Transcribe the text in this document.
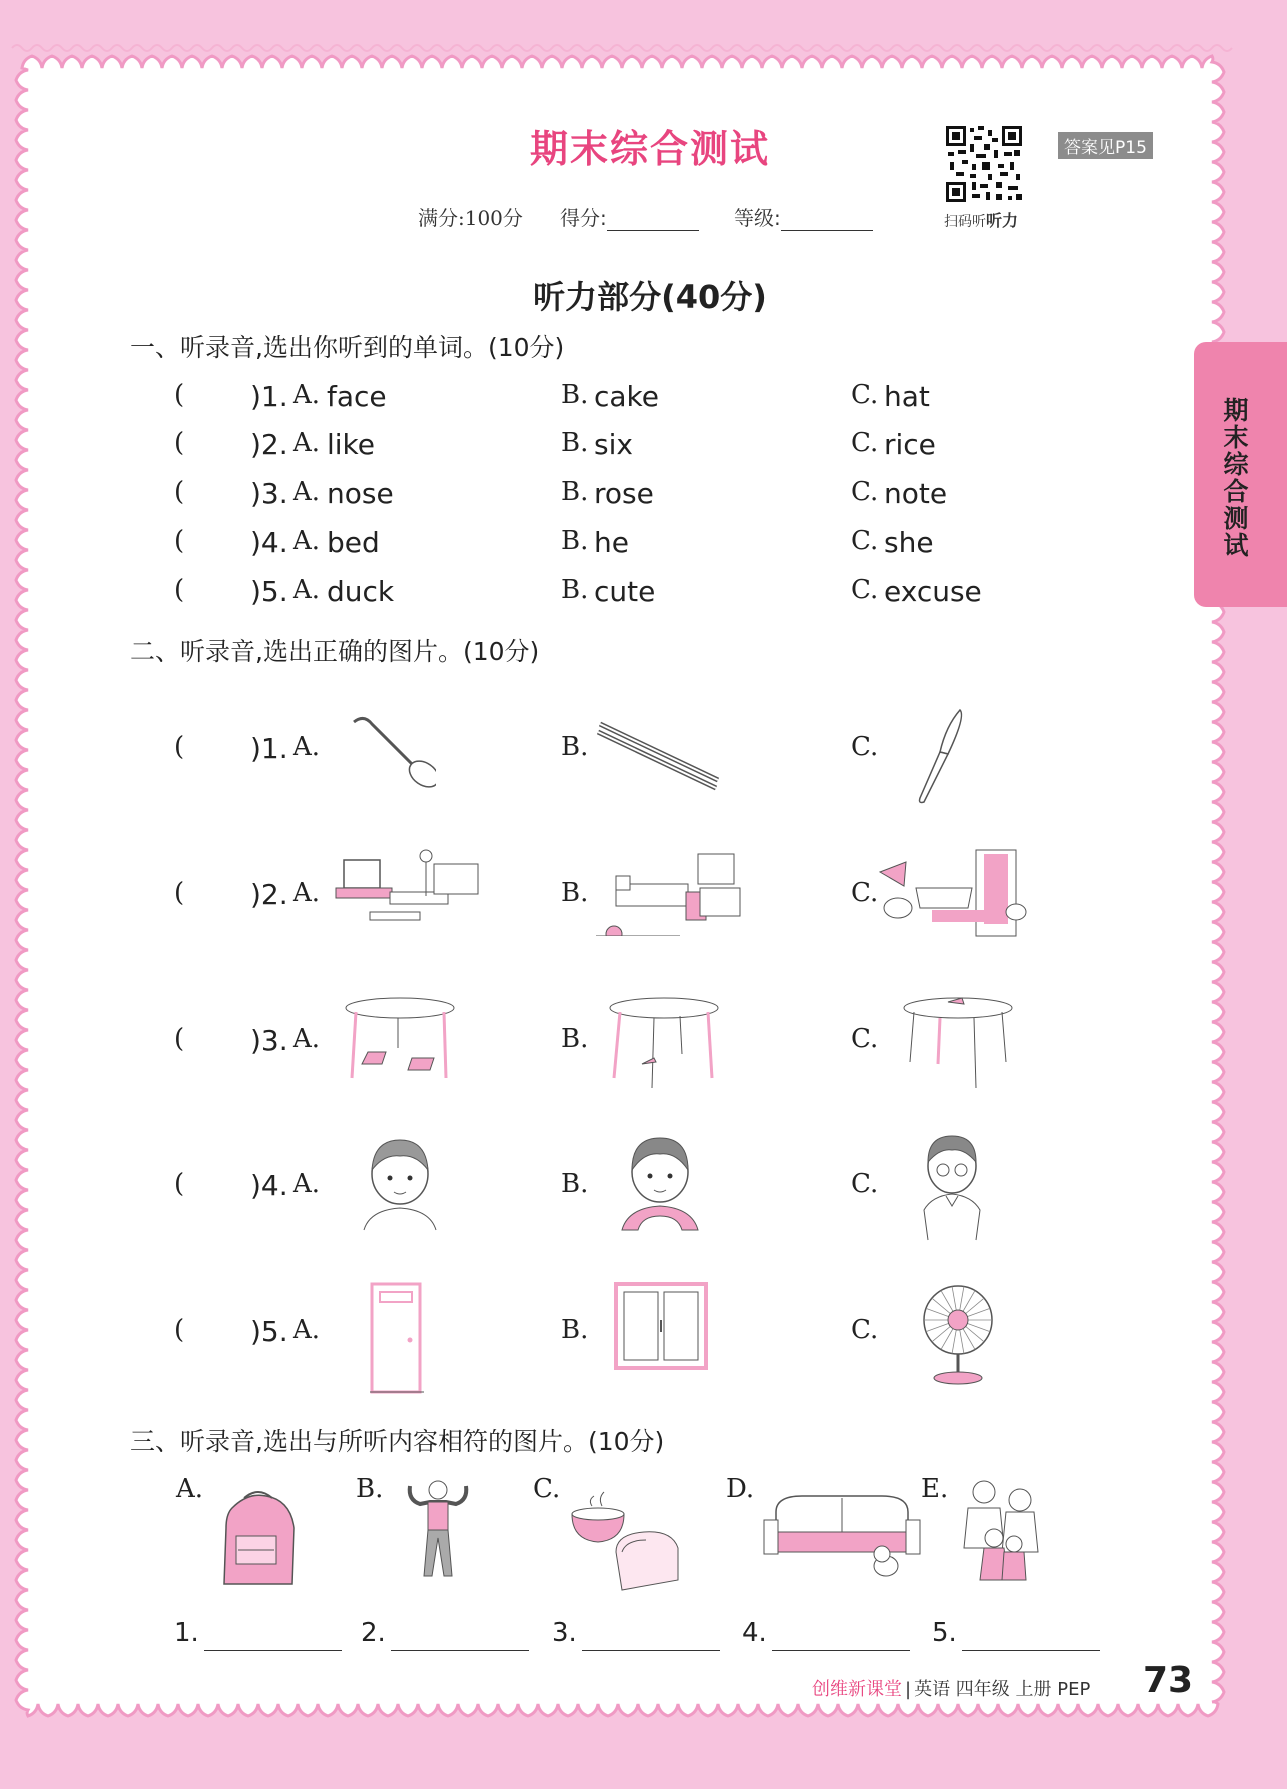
期末综合测试
满分:100分 得分:	等级:	扫码听听力
答案见P15
听力部分(40分)
期末综合测试
一、听录音,选出你听到的单词。(10分)
( )1. A. face	B. cake	C. hat
( )2. A. like	B. six	C. rice
( )3. A. nose	B. rose	C. note
( )4. A. bed	B. he	C. she
( )5. A. duck	B. cute	C. excuse
二、听录音,选出正确的图片。(10分)
( )1. A.	B.	C.
( )2. A.	B.	C.
( )3. A.	B.	C.
( )4. A.	B.	C.
( )5. A.	B.	C.
三、听录音,选出与所听内容相符的图片。(10分)
A.	B.	C.	D.	E.
1.	2.	3.	4.	5.
创维新课堂 | 英语 四年级 上册 PEP 73
